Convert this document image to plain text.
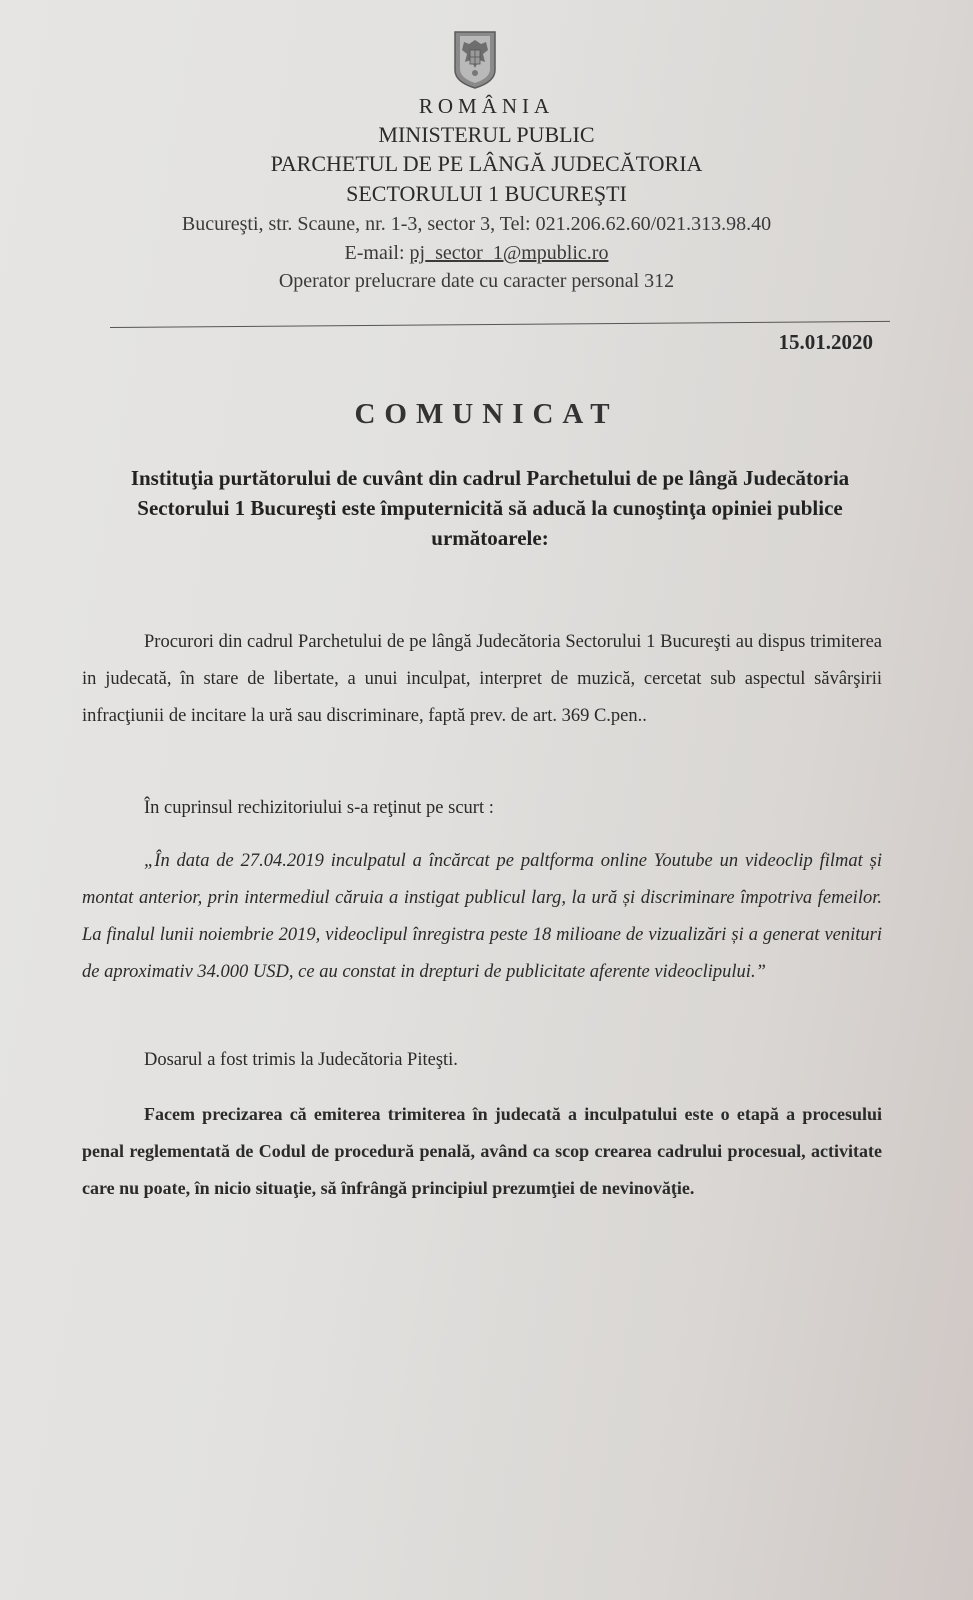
ROMÂNIA
MINISTERUL PUBLIC
PARCHETUL DE PE LÂNGĂ JUDECĂTORIA
SECTORULUI 1 BUCUREŞTI
Bucureşti, str. Scaune, nr. 1-3, sector 3, Tel: 021.206.62.60/021.313.98.40
E-mail: pj_sector_1@mpublic.ro
Operator prelucrare date cu caracter personal 312
15.01.2020
COMUNICAT
Instituţia purtătorului de cuvânt din cadrul Parchetului de pe lângă Judecătoria Sectorului 1 Bucureşti este împuternicită să aducă la cunoştinţa opiniei publice următoarele:
Procurori din cadrul Parchetului de pe lângă Judecătoria Sectorului 1 Bucureşti au dispus trimiterea in judecată, în stare de libertate, a unui inculpat, interpret de muzică, cercetat sub aspectul săvârşirii infracţiunii de incitare la ură sau discriminare, faptă prev. de art. 369 C.pen..
În cuprinsul rechizitoriului s-a reţinut pe scurt :
„În data de 27.04.2019 inculpatul a încărcat pe paltforma online Youtube un videoclip filmat și montat anterior, prin intermediul căruia a instigat publicul larg, la ură și discriminare împotriva femeilor. La finalul lunii noiembrie 2019, videoclipul înregistra peste 18 milioane de vizualizări și a generat venituri de aproximativ 34.000 USD, ce au constat in drepturi de publicitate aferente videoclipului.”
Dosarul a fost trimis la Judecătoria Piteşti.
Facem precizarea că emiterea trimiterea în judecată a inculpatului este o etapă a procesului penal reglementată de Codul de procedură penală, având ca scop crearea cadrului procesual, activitate care nu poate, în nicio situaţie, să înfrângă principiul prezumţiei de nevinovăţie.
